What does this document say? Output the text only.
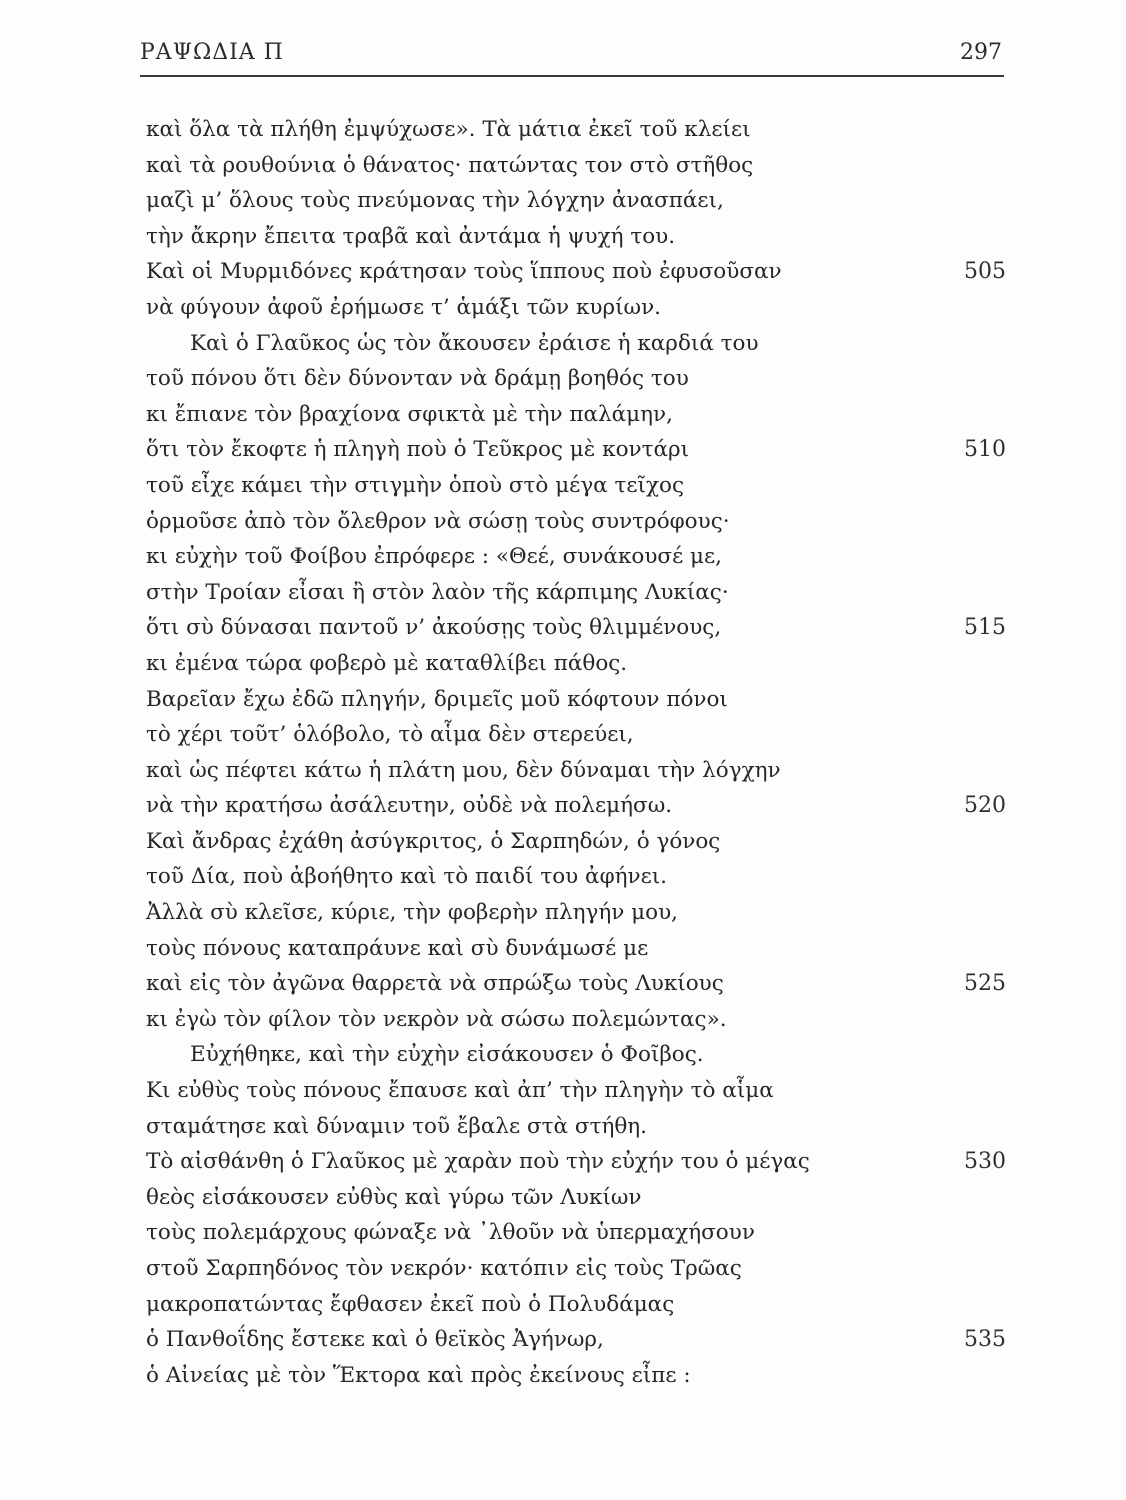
ΡΑΨΩΔΙΑ Π	297
καὶ ὅλα τὰ πλήθη ἐμψύχωσε». Τὰ μάτια ἐκεῖ τοῦ κλείει
καὶ τὰ ρουθούνια ὁ θάνατος· πατώντας τον στὸ στῆθος
μαζὶ μ’ ὅλους τοὺς πνεύμονας τὴν λόγχην ἀνασπάει,
τὴν ἄκρην ἔπειτα τραβᾶ καὶ ἀντάμα ἡ ψυχή του.
Καὶ οἱ Μυρμιδόνες κράτησαν τοὺς ἵππους ποὺ ἐφυσοῦσαν	505
νὰ φύγουν ἀφοῦ ἐρήμωσε τ’ ἁμάξι τῶν κυρίων.
Καὶ ὁ Γλαῦκος ὡς τὸν ἄκουσεν ἐράισε ἡ καρδιά του
τοῦ πόνου ὅτι δὲν δύνονταν νὰ δράμῃ βοηθός του
κι ἔπιανε τὸν βραχίονα σφικτὰ μὲ τὴν παλάμην,
ὅτι τὸν ἔκοφτε ἡ πληγὴ ποὺ ὁ Τεῦκρος μὲ κοντάρι	510
τοῦ εἶχε κάμει τὴν στιγμὴν ὁποὺ στὸ μέγα τεῖχος
ὁρμοῦσε ἀπὸ τὸν ὄλεθρον νὰ σώσῃ τοὺς συντρόφους·
κι εὐχὴν τοῦ Φοίβου ἐπρόφερε : «Θεέ, συνάκουσέ με,
στὴν Τροίαν εἶσαι ἢ στὸν λαὸν τῆς κάρπιμης Λυκίας·
ὅτι σὺ δύνασαι παντοῦ ν’ ἀκούσῃς τοὺς θλιμμένους,	515
κι ἐμένα τώρα φοβερὸ μὲ καταθλίβει πάθος.
Βαρεῖαν ἔχω ἐδῶ πληγήν, δριμεῖς μοῦ κόφτουν πόνοι
τὸ χέρι τοῦτ’ ὁλόβολο, τὸ αἷμα δὲν στερεύει,
καὶ ὡς πέφτει κάτω ἡ πλάτη μου, δὲν δύναμαι τὴν λόγχην
νὰ τὴν κρατήσω ἀσάλευτην, οὐδὲ νὰ πολεμήσω.	520
Καὶ ἄνδρας ἐχάθη ἀσύγκριτος, ὁ Σαρπηδών, ὁ γόνος
τοῦ Δία, ποὺ ἀβοήθητο καὶ τὸ παιδί του ἀφήνει.
Ἀλλὰ σὺ κλεῖσε, κύριε, τὴν φοβερὴν πληγήν μου,
τοὺς πόνους καταπράυνε καὶ σὺ δυνάμωσέ με
καὶ εἰς τὸν ἀγῶνα θαρρετὰ νὰ σπρώξω τοὺς Λυκίους	525
κι ἐγὼ τὸν φίλον τὸν νεκρὸν νὰ σώσω πολεμώντας».
Εὐχήθηκε, καὶ τὴν εὐχὴν εἰσάκουσεν ὁ Φοῖβος.
Κι εὐθὺς τοὺς πόνους ἔπαυσε καὶ ἀπ’ τὴν πληγὴν τὸ αἷμα
σταμάτησε καὶ δύναμιν τοῦ ἔβαλε στὰ στήθη.
Τὸ αἰσθάνθη ὁ Γλαῦκος μὲ χαρὰν ποὺ τὴν εὐχήν του ὁ μέγας	530
θεὸς εἰσάκουσεν εὐθὺς καὶ γύρω τῶν Λυκίων
τοὺς πολεμάρχους φώναξε νὰ ᾽λθοῦν νὰ ὑπερμαχήσουν
στοῦ Σαρπηδόνος τὸν νεκρόν· κατόπιν εἰς τοὺς Τρῶας
μακροπατώντας ἔφθασεν ἐκεῖ ποὺ ὁ Πολυδάμας
ὁ Πανθοΐδης ἔστεκε καὶ ὁ θεϊκὸς Ἀγήνωρ,	535
ὁ Αἰνείας μὲ τὸν Ἕκτορα καὶ πρὸς ἐκείνους εἶπε :
